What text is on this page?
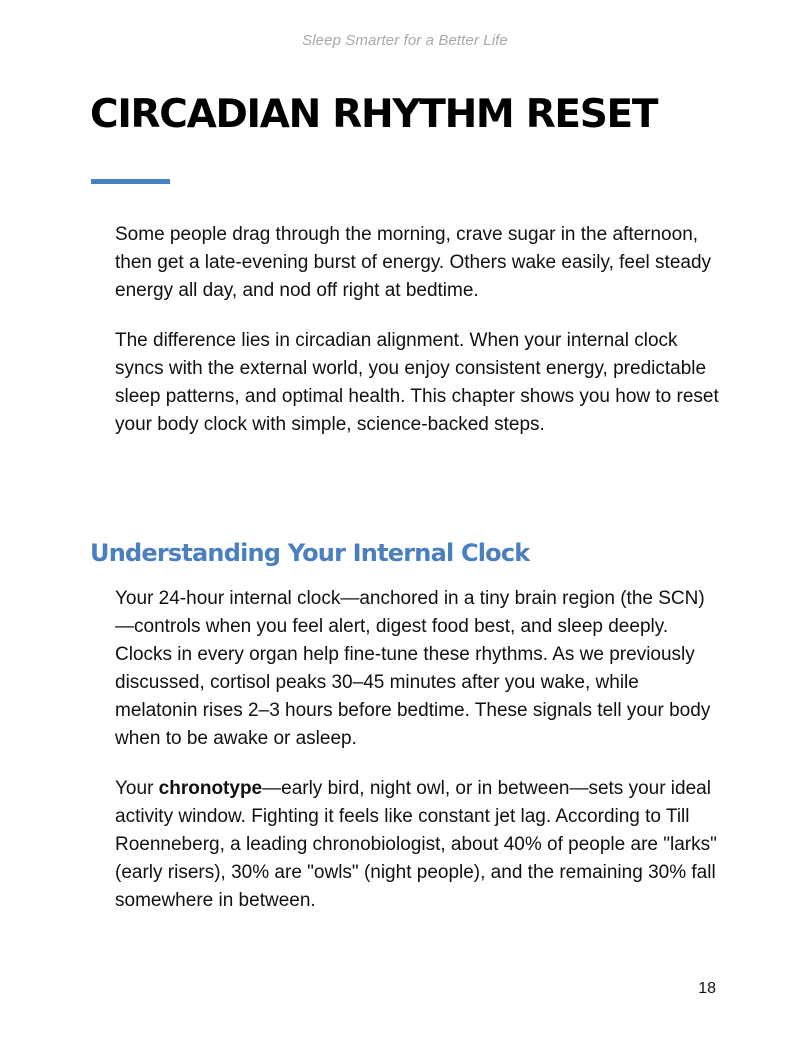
Sleep Smarter for a Better Life
CIRCADIAN RHYTHM RESET

Some people drag through the morning, crave sugar in the afternoon, then get a late-evening burst of energy. Others wake easily, feel steady energy all day, and nod off right at bedtime.

The difference lies in circadian alignment. When your internal clock syncs with the external world, you enjoy consistent energy, predictable sleep patterns, and optimal health. This chapter shows you how to reset your body clock with simple, science-backed steps.

Understanding Your Internal Clock

Your 24-hour internal clock—anchored in a tiny brain region (the SCN)—controls when you feel alert, digest food best, and sleep deeply. Clocks in every organ help fine-tune these rhythms. As we previously discussed, cortisol peaks 30–45 minutes after you wake, while melatonin rises 2–3 hours before bedtime. These signals tell your body when to be awake or asleep.

Your chronotype—early bird, night owl, or in between—sets your ideal activity window. Fighting it feels like constant jet lag. According to Till Roenneberg, a leading chronobiologist, about 40% of people are "larks" (early risers), 30% are "owls" (night people), and the remaining 30% fall somewhere in between.

18
